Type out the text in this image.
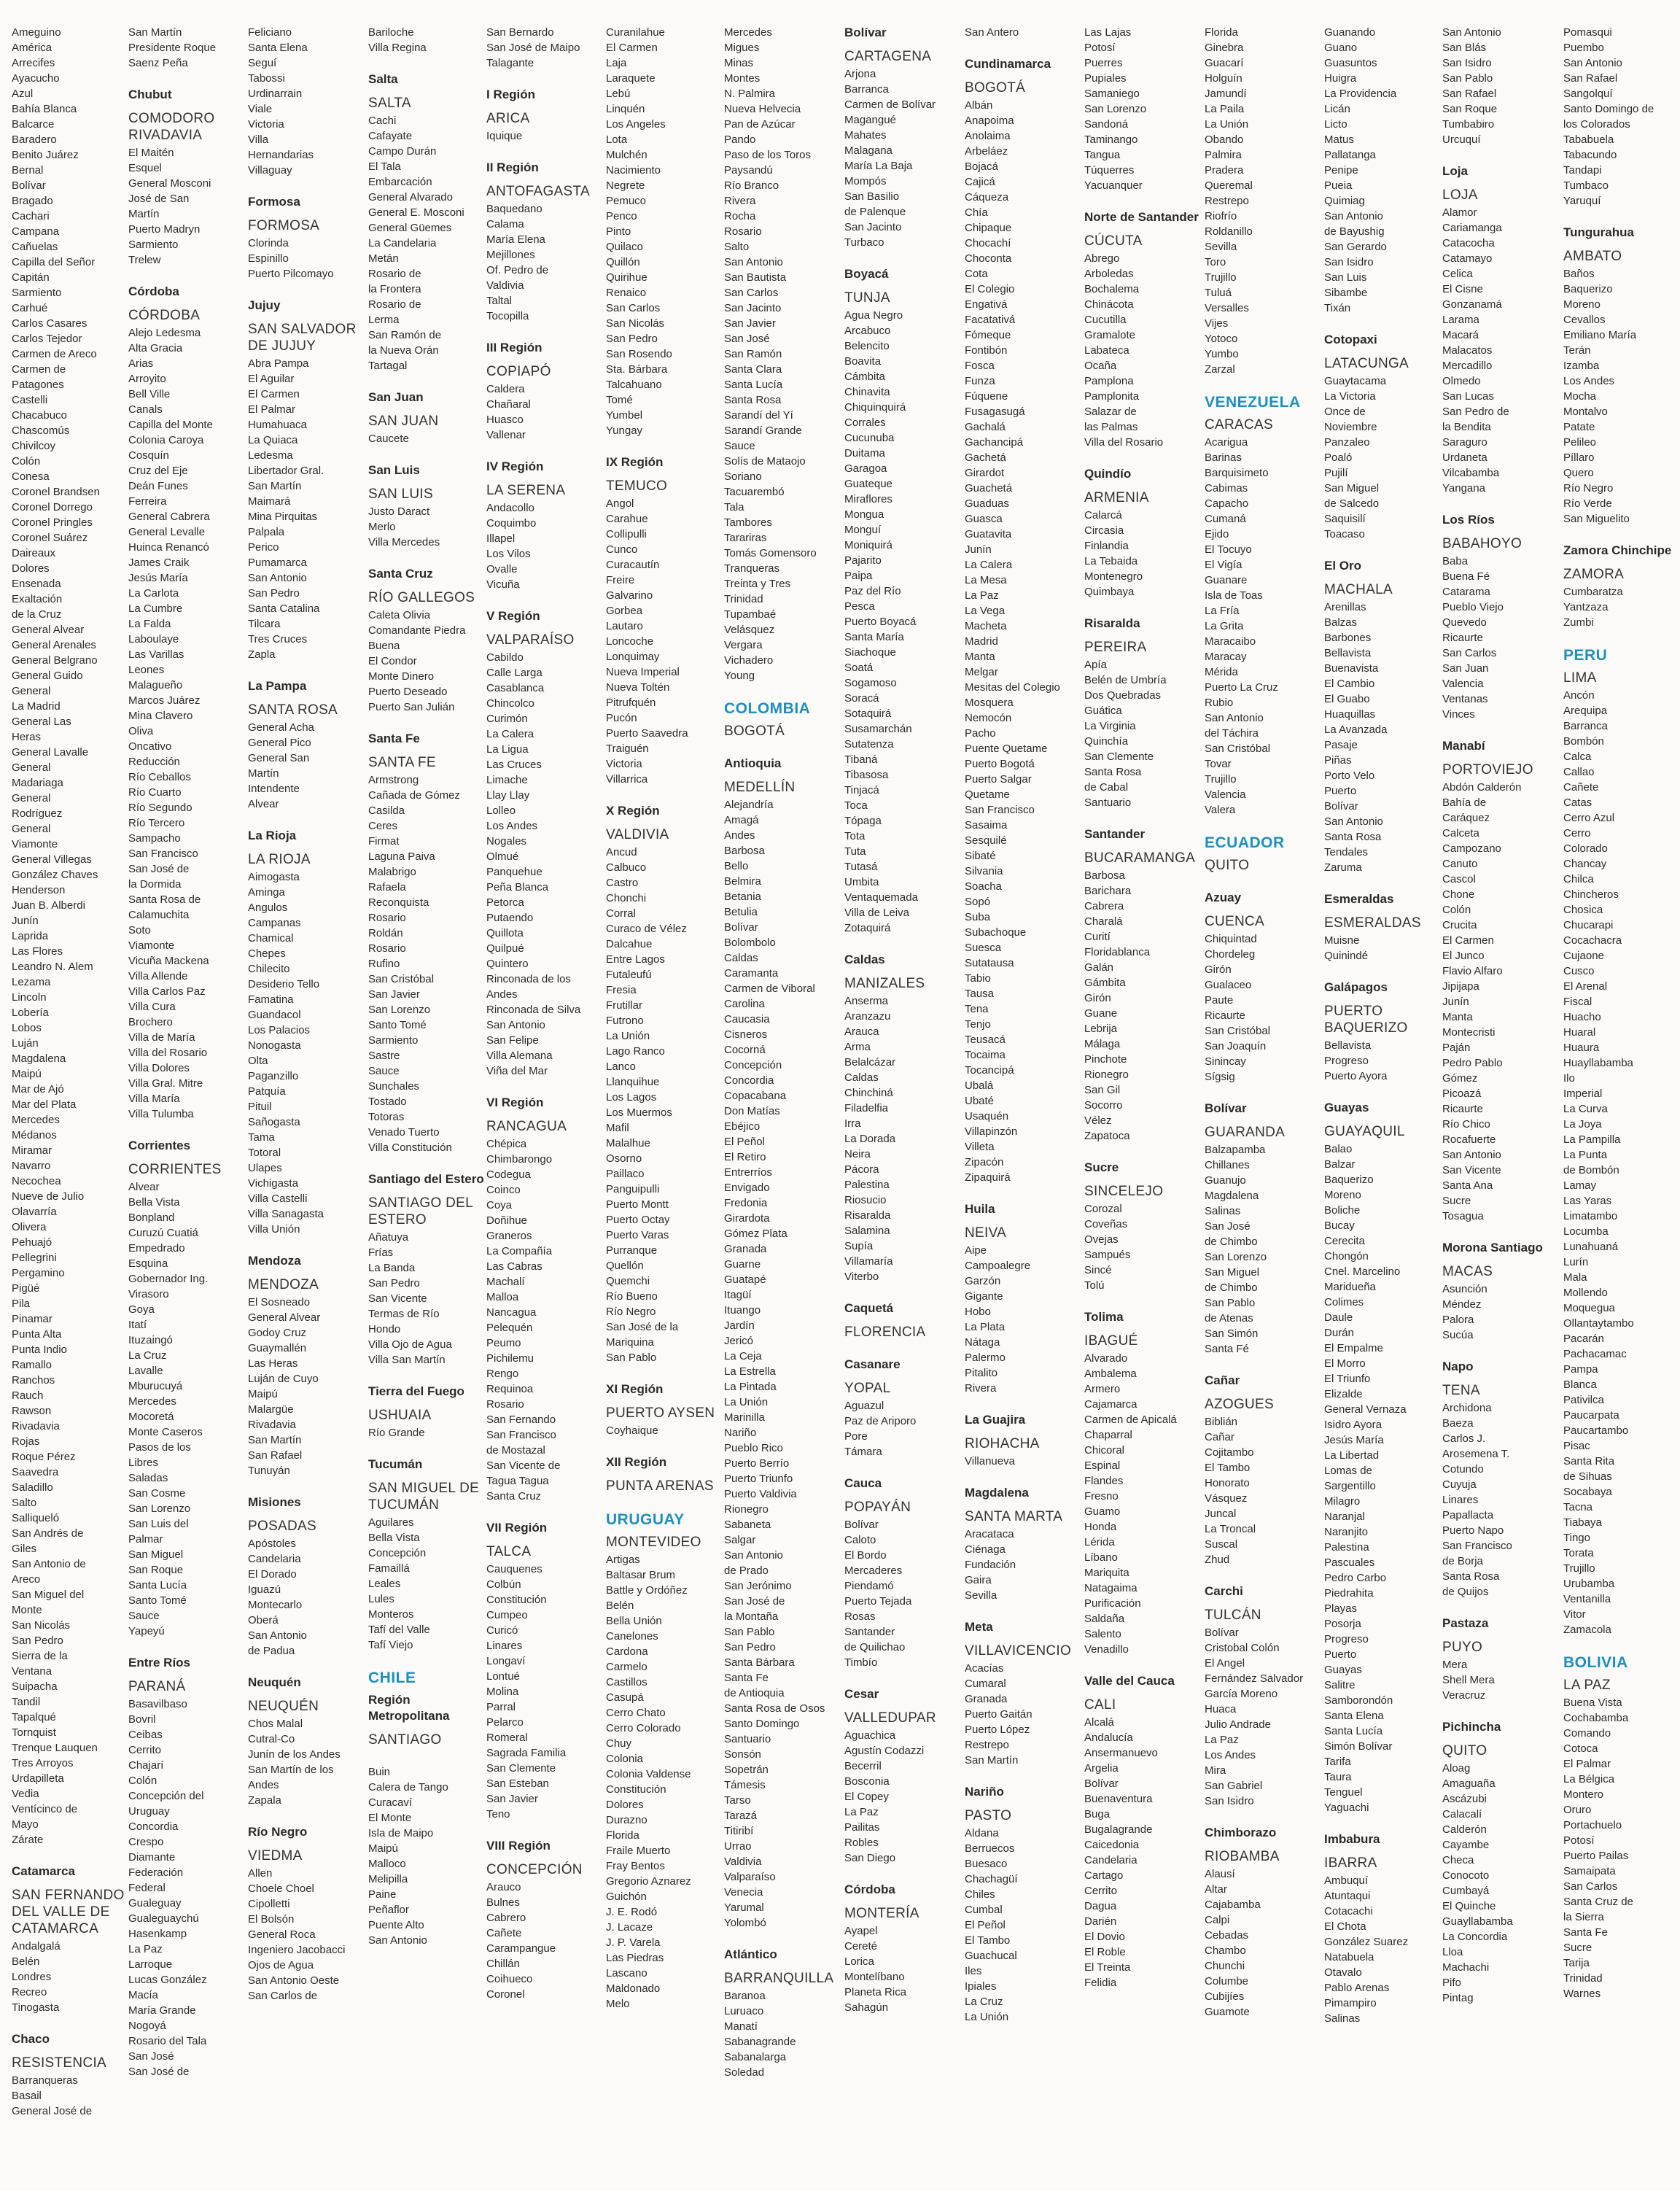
Ameguino
América
Arrecifes
Ayacucho
Azul
Bahía Blanca
Balcarce
Baradero
Benito Juárez
Bernal
Bolívar
Bragado
Cachari
Campana
Cañuelas
Capilla del Señor
Capitán
Sarmiento
Carhué
Carlos Casares
Carlos Tejedor
Carmen de Areco
Carmen de
Patagones
Castelli
Chacabuco
Chascomús
Chivilcoy
Colón
Conesa
Coronel Brandsen
Coronel Dorrego
Coronel Pringles
Coronel Suárez
Daireaux
Dolores
Ensenada
Exaltación
de la Cruz
General Alvear
General Arenales
General Belgrano
General Guido
General
La Madrid
General Las
Heras
General Lavalle
General
Madariaga
General
Rodríguez
General
Viamonte
General Villegas
González Chaves
Henderson
Juan B. Alberdi
Junín
Laprida
Las Flores
Leandro N. Alem
Lezama
Lincoln
Lobería
Lobos
Luján
Magdalena
Maipú
Mar de Ajó
Mar del Plata
Mercedes
Médanos
Miramar
Navarro
Necochea
Nueve de Julio
Olavarría
Olivera
Pehuajó
Pellegrini
Pergamino
Pigüé
Pila
Pinamar
Punta Alta
Punta Indio
Ramallo
Ranchos
Rauch
Rawson
Rivadavia
Rojas
Roque Pérez
Saavedra
Saladillo
Salto
Salliqueló
San Andrés de
Giles
San Antonio de
Areco
San Miguel del
Monte
San Nicolás
San Pedro
Sierra de la
Ventana
Suipacha
Tandil
Tapalqué
Tornquist
Trenque Lauquen
Tres Arroyos
Urdapilleta
Vedia
Ventícinco de
Mayo
Zárate
Catamarca
SAN FERNANDO DEL VALLE DE CATAMARCA
Andalgalá
Belén
Londres
Recreo
Tinogasta
Chaco
RESISTENCIA
Barranqueras
Basail
General José de
San Martín
Presidente Roque
Saenz Peña
Chubut
COMODORO RIVADAVIA
El Maitén
Esquel
General Mosconi
José de San
Martín
Puerto Madryn
Sarmiento
Trelew
Córdoba
CÓRDOBA
Alejo Ledesma
Alta Gracia
Arias
Arroyito
Bell Ville
Canals
Capilla del Monte
Colonia Caroya
Cosquín
Cruz del Eje
Deán Funes
Ferreira
General Cabrera
General Levalle
Huinca Renancó
James Craik
Jesús María
La Carlota
La Cumbre
La Falda
Laboulaye
Las Varillas
Leones
Malagueño
Marcos Juárez
Mina Clavero
Oliva
Oncativo
Reducción
Río Ceballos
Río Cuarto
Río Segundo
Río Tercero
Sampacho
San Francisco
San José de
la Dormida
Santa Rosa de
Calamuchita
Soto
Viamonte
Vicuña Mackena
Villa Allende
Villa Carlos Paz
Villa Cura
Brochero
Villa de María
Villa del Rosario
Villa Dolores
Villa Gral. Mitre
Villa María
Villa Tulumba
Corrientes
CORRIENTES
Alvear
Bella Vista
Bonpland
Curuzú Cuatiá
Empedrado
Esquina
Gobernador Ing.
Virasoro
Goya
Itatí
Ituzaingó
La Cruz
Lavalle
Mburucuyá
Mercedes
Mocoretá
Monte Caseros
Pasos de los
Libres
Saladas
San Cosme
San Lorenzo
San Luis del
Palmar
San Miguel
San Roque
Santa Lucía
Santo Tomé
Sauce
Yapeyú
Entre Ríos
PARANÁ
Basavilbaso
Bovril
Ceibas
Cerrito
Chajarí
Colón
Concepción del
Uruguay
Concordia
Crespo
Diamante
Federación
Federal
Gualeguay
Gualeguaychú
Hasenkamp
La Paz
Larroque
Lucas González
Macía
María Grande
Nogoyá
Rosario del Tala
San José
San José de
Feliciano
Santa Elena
Seguí
Tabossi
Urdinarrain
Viale
Victoria
Villa
Hernandarias
Villaguay
Formosa
FORMOSA
Clorinda
Espinillo
Puerto Pilcomayo
Jujuy
SAN SALVADOR DE JUJUY
Abra Pampa
El Aguilar
El Carmen
El Palmar
Humahuaca
La Quiaca
Ledesma
Libertador Gral.
San Martín
Maimará
Mina Pirquitas
Palpala
Perico
Pumamarca
San Antonio
San Pedro
Santa Catalina
Tilcara
Tres Cruces
Zapla
La Pampa
SANTA ROSA
General Acha
General Pico
General San
Martín
Intendente
Alvear
La Rioja
LA RIOJA
Aimogasta
Aminga
Angulos
Campanas
Chamical
Chepes
Chilecito
Desiderio Tello
Famatina
Guandacol
Los Palacios
Nonogasta
Olta
Paganzillo
Patquía
Pituil
Sañogasta
Tama
Totoral
Ulapes
Vichigasta
Villa Castelli
Villa Sanagasta
Villa Unión
Mendoza
MENDOZA
El Sosneado
General Alvear
Godoy Cruz
Guaymallén
Las Heras
Luján de Cuyo
Maipú
Malargüe
Rivadavia
San Martín
San Rafael
Tunuyán
Misiones
POSADAS
Apóstoles
Candelaria
El Dorado
Iguazú
Montecarlo
Oberá
San Antonio
de Padua
Neuquén
NEUQUÉN
Chos Malal
Cutral-Co
Junín de los Andes
San Martín de los
Andes
Zapala
Río Negro
VIEDMA
Allen
Choele Choel
Cipolletti
El Bolsón
General Roca
Ingeniero Jacobacci
Ojos de Agua
San Antonio Oeste
San Carlos de
Bariloche
Villa Regina
Salta
SALTA
Cachi
Cafayate
Campo Durán
El Tala
Embarcación
General Alvarado
General E. Mosconi
General Güemes
La Candelaria
Metán
Rosario de
la Frontera
Rosario de
Lerma
San Ramón de
la Nueva Orán
Tartagal
San Juan
SAN JUAN
Caucete
San Luis
SAN LUIS
Justo Daract
Merlo
Villa Mercedes
Santa Cruz
RÍO GALLEGOS
Caleta Olivia
Comandante Piedra
Buena
El Condor
Monte Dinero
Puerto Deseado
Puerto San Julián
Santa Fe
SANTA FE
Armstrong
Cañada de Gómez
Casilda
Ceres
Firmat
Laguna Paiva
Malabrigo
Rafaela
Reconquista
Rosario
Roldán
Rosario
Rufino
San Cristóbal
San Javier
San Lorenzo
Santo Tomé
Sarmiento
Sastre
Sauce
Sunchales
Tostado
Totoras
Venado Tuerto
Villa Constitución
Santiago del Estero
SANTIAGO DEL ESTERO
Añatuya
Frías
La Banda
San Pedro
San Vicente
Termas de Río
Hondo
Villa Ojo de Agua
Villa San Martín
Tierra del Fuego
USHUAIA
Río Grande
Tucumán
SAN MIGUEL DE TUCUMÁN
Aguilares
Bella Vista
Concepción
Famaillá
Leales
Lules
Monteros
Tafí del Valle
Tafí Viejo
CHILE
Región Metropolitana
SANTIAGO
Buin
Calera de Tango
Curacaví
El Monte
Isla de Maipo
Maipú
Malloco
Melipilla
Paine
Peñaflor
Puente Alto
San Antonio
San Bernardo
San José de Maipo
Talagante
I Región
ARICA
Iquique
II Región
ANTOFAGASTA
Baquedano
Calama
María Elena
Mejillones
Of. Pedro de
Valdivia
Taltal
Tocopilla
III Región
COPIAPÓ
Caldera
Chañaral
Huasco
Vallenar
IV Región
LA SERENA
Andacollo
Coquimbo
Illapel
Los Vilos
Ovalle
Vicuña
V Región
VALPARAÍSO
Cabildo
Calle Larga
Casablanca
Chincolco
Curimón
La Calera
La Ligua
Las Cruces
Limache
Llay Llay
Lolleo
Los Andes
Nogales
Olmué
Panquehue
Peña Blanca
Petorca
Putaendo
Quillota
Quilpué
Quintero
Rinconada de los
Andes
Rinconada de Silva
San Antonio
San Felipe
Villa Alemana
Viña del Mar
VI Región
RANCAGUA
Chépica
Chimbarongo
Codegua
Coinco
Coya
Doñihue
Graneros
La Compañía
Las Cabras
Machalí
Malloa
Nancagua
Pelequén
Peumo
Pichilemu
Rengo
Requinoa
Rosario
San Fernando
San Francisco
de Mostazal
San Vicente de
Tagua Tagua
Santa Cruz
VII Región
TALCA
Cauquenes
Colbún
Constitución
Cumpeo
Curicó
Linares
Longaví
Lontué
Molina
Parral
Pelarco
Romeral
Sagrada Familia
San Clemente
San Esteban
San Javier
Teno
VIII Región
CONCEPCIÓN
Arauco
Bulnes
Cabrero
Cañete
Carampangue
Chillán
Coihueco
Coronel
Curanilahue
El Carmen
Laja
Laraquete
Lebú
Linquén
Los Angeles
Lota
Mulchén
Nacimiento
Negrete
Pemuco
Penco
Pinto
Quilaco
Quillón
Quirihue
Renaico
San Carlos
San Nicolás
San Pedro
San Rosendo
Sta. Bárbara
Talcahuano
Tomé
Yumbel
Yungay
IX Región
TEMUCO
Angol
Carahue
Collipulli
Cunco
Curacautín
Freire
Galvarino
Gorbea
Lautaro
Loncoche
Lonquimay
Nueva Imperial
Nueva Toltén
Pitrufquén
Pucón
Puerto Saavedra
Traiguén
Victoria
Villarrica
X Región
VALDIVIA
Ancud
Calbuco
Castro
Chonchi
Corral
Curaco de Vélez
Dalcahue
Entre Lagos
Futaleufú
Fresia
Frutillar
Futrono
La Unión
Lago Ranco
Lanco
Llanquihue
Los Lagos
Los Muermos
Mafil
Malalhue
Osorno
Paillaco
Panguipulli
Puerto Montt
Puerto Octay
Puerto Varas
Purranque
Quellón
Quemchi
Río Bueno
Río Negro
San José de la
Mariquina
San Pablo
XI Región
PUERTO AYSEN
Coyhaique
XII Región
PUNTA ARENAS
URUGUAY
MONTEVIDEO
Artigas
Baltasar Brum
Battle y Ordóñez
Belén
Bella Unión
Canelones
Cardona
Carmelo
Castillos
Casupá
Cerro Chato
Cerro Colorado
Chuy
Colonia
Colonia Valdense
Constitución
Dolores
Durazno
Florida
Fraile Muerto
Fray Bentos
Gregorio Aznarez
Guichón
J. E. Rodó
J. Lacaze
J. P. Varela
Las Piedras
Lascano
Maldonado
Melo
Mercedes
Migues
Minas
Montes
N. Palmira
Nueva Helvecia
Pan de Azúcar
Pando
Paso de los Toros
Paysandú
Río Branco
Rivera
Rocha
Rosario
Salto
San Antonio
San Bautista
San Carlos
San Jacinto
San Javier
San José
San Ramón
Santa Clara
Santa Lucía
Santa Rosa
Sarandí del Yí
Sarandí Grande
Sauce
Solís de Mataojo
Soriano
Tacuarembó
Tala
Tambores
Tarariras
Tomás Gomensoro
Tranqueras
Treinta y Tres
Trinidad
Tupambaé
Velásquez
Vergara
Vichadero
Young
COLOMBIA
BOGOTÁ
Antioquia
MEDELLÍN
Alejandría
Amagá
Andes
Barbosa
Bello
Belmira
Betania
Betulia
Bolívar
Bolombolo
Caldas
Caramanta
Carmen de Viboral
Carolina
Caucasia
Cisneros
Cocorná
Concepción
Concordia
Copacabana
Don Matías
Ebéjico
El Peñol
El Retiro
Entrerríos
Envigado
Fredonia
Girardota
Gómez Plata
Granada
Guarne
Guatapé
Itagüí
Ituango
Jardín
Jericó
La Ceja
La Estrella
La Pintada
La Unión
Marinilla
Nariño
Pueblo Rico
Puerto Berrío
Puerto Triunfo
Puerto Valdivia
Rionegro
Sabaneta
Salgar
San Antonio
de Prado
San Jerónimo
San José de
la Montaña
San Pablo
San Pedro
Santa Bárbara
Santa Fe
de Antioquia
Santa Rosa de Osos
Santo Domingo
Santuario
Sonsón
Sopetrán
Támesis
Tarso
Tarazá
Titiribí
Urrao
Valdivia
Valparaíso
Venecia
Yarumal
Yolombó
Atlántico
BARRANQUILLA
Baranoa
Luruaco
Manatí
Sabanagrande
Sabanalarga
Soledad
Bolívar
CARTAGENA
Arjona
Barranca
Carmen de Bolívar
Magangué
Mahates
Malagana
María La Baja
Mompós
San Basilio
de Palenque
San Jacinto
Turbaco
Boyacá
TUNJA
Agua Negro
Arcabuco
Belencito
Boavita
Cámbita
Chinavita
Chiquinquirá
Corrales
Cucunuba
Duitama
Garagoa
Guateque
Miraflores
Mongua
Monguí
Moniquirá
Pajarito
Paipa
Paz del Río
Pesca
Puerto Boyacá
Santa María
Siachoque
Soatá
Sogamoso
Soracá
Sotaquirá
Susamarchán
Sutatenza
Tibaná
Tibasosa
Tinjacá
Toca
Tópaga
Tota
Tuta
Tutasá
Umbita
Ventaquemada
Villa de Leiva
Zotaquirá
Caldas
MANIZALES
Anserma
Aranzazu
Arauca
Arma
Belalcázar
Caldas
Chinchiná
Filadelfia
Irra
La Dorada
Neira
Pácora
Palestina
Riosucio
Risaralda
Salamina
Supía
Villamaría
Viterbo
Caquetá
FLORENCIA
Casanare
YOPAL
Aguazul
Paz de Ariporo
Pore
Támara
Cauca
POPAYÁN
Bolívar
Caloto
El Bordo
Mercaderes
Piendamó
Puerto Tejada
Rosas
Santander
de Quilichao
Timbío
Cesar
VALLEDUPAR
Aguachica
Agustín Codazzi
Becerril
Bosconia
El Copey
La Paz
Pailitas
Robles
San Diego
Córdoba
MONTERÍA
Ayapel
Cereté
Lorica
Montelíbano
Planeta Rica
Sahagún
San Antero
Cundinamarca
BOGOTÁ
Albán
Anapoima
Anolaima
Arbeláez
Bojacá
Cajicá
Cáqueza
Chía
Chipaque
Chocachí
Choconta
Cota
El Colegio
Engativá
Facatativá
Fómeque
Fontibón
Fosca
Funza
Fúquene
Fusagasugá
Gachalá
Gachancipá
Gachetá
Girardot
Guachetá
Guaduas
Guasca
Guatavita
Junín
La Calera
La Mesa
La Paz
La Vega
Macheta
Madrid
Manta
Melgar
Mesitas del Colegio
Mosquera
Nemocón
Pacho
Puente Quetame
Puerto Bogotá
Puerto Salgar
Quetame
San Francisco
Sasaima
Sesquilé
Sibaté
Silvania
Soacha
Sopó
Suba
Subachoque
Suesca
Sutatausa
Tabio
Tausa
Tena
Tenjo
Teusacá
Tocaima
Tocancipá
Ubalá
Ubaté
Usaquén
Villapinzón
Villeta
Zipacón
Zipaquirá
Huila
NEIVA
Aipe
Campoalegre
Garzón
Gigante
Hobo
La Plata
Nátaga
Palermo
Pitalito
Rivera
La Guajira
RIOHACHA
Villanueva
Magdalena
SANTA MARTA
Aracataca
Ciénaga
Fundación
Gaira
Sevilla
Meta
VILLAVICENCIO
Acacías
Cumaral
Granada
Puerto Gaitán
Puerto López
Restrepo
San Martín
Nariño
PASTO
Aldana
Berruecos
Buesaco
Chachagüí
Chiles
Cumbal
El Peñol
El Tambo
Guachucal
Iles
Ipiales
La Cruz
La Unión
Las Lajas
Potosí
Puerres
Pupiales
Samaniego
San Lorenzo
Sandoná
Taminango
Tangua
Túquerres
Yacuanquer
Norte de Santander
CÚCUTA
Abrego
Arboledas
Bochalema
Chinácota
Cucutilla
Gramalote
Labateca
Ocaña
Pamplona
Pamplonita
Salazar de
las Palmas
Villa del Rosario
Quindío
ARMENIA
Calarcá
Circasia
Finlandia
La Tebaida
Montenegro
Quimbaya
Risaralda
PEREIRA
Apía
Belén de Umbría
Dos Quebradas
Guática
La Virginia
Quinchía
San Clemente
Santa Rosa
de Cabal
Santuario
Santander
BUCARAMANGA
Barbosa
Barichara
Cabrera
Charalá
Curití
Floridablanca
Galán
Gámbita
Girón
Guane
Lebrija
Málaga
Pinchote
Rionegro
San Gil
Socorro
Vélez
Zapatoca
Sucre
SINCELEJO
Corozal
Coveñas
Ovejas
Sampués
Sincé
Tolú
Tolima
IBAGUÉ
Alvarado
Ambalema
Armero
Cajamarca
Carmen de Apicalá
Chaparral
Chicoral
Espinal
Flandes
Fresno
Guamo
Honda
Lérida
Líbano
Mariquita
Natagaima
Purificación
Saldaña
Salento
Venadillo
Valle del Cauca
CALI
Alcalá
Andalucía
Ansermanuevo
Argelia
Bolívar
Buenaventura
Buga
Bugalagrande
Caicedonia
Candelaria
Cartago
Cerrito
Dagua
Darién
El Dovio
El Roble
El Treinta
Felidia
Florida
Ginebra
Guacarí
Holguín
Jamundí
La Paila
La Unión
Obando
Palmira
Pradera
Queremal
Restrepo
Riofrío
Roldanillo
Sevilla
Toro
Trujillo
Tuluá
Versalles
Vijes
Yotoco
Yumbo
Zarzal
VENEZUELA
CARACAS
Acarigua
Barinas
Barquisimeto
Cabimas
Capacho
Cumaná
Ejido
El Tocuyo
El Vigía
Guanare
Isla de Toas
La Fría
La Grita
Maracaibo
Maracay
Mérida
Puerto La Cruz
Rubio
San Antonio
del Táchira
San Cristóbal
Tovar
Trujillo
Valencia
Valera
ECUADOR
QUITO
Azuay
CUENCA
Chiquintad
Chordeleg
Girón
Gualaceo
Paute
Ricaurte
San Cristóbal
San Joaquín
Sinincay
Sígsig
Bolívar
GUARANDA
Balzapamba
Chillanes
Guanujo
Magdalena
Salinas
San José
de Chimbo
San Lorenzo
San Miguel
de Chimbo
San Pablo
de Atenas
San Simón
Santa Fé
Cañar
AZOGUES
Biblián
Cañar
Cojitambo
El Tambo
Honorato
Vásquez
Juncal
La Troncal
Suscal
Zhud
Carchi
TULCÁN
Bolívar
Cristobal Colón
El Angel
Fernández Salvador
García Moreno
Huaca
Julio Andrade
La Paz
Los Andes
Mira
San Gabriel
San Isidro
Chimborazo
RIOBAMBA
Alausí
Altar
Cajabamba
Calpi
Cebadas
Chambo
Chunchi
Columbe
Cubijíes
Guamote
Guanando
Guano
Guasuntos
Huigra
La Providencia
Licán
Licto
Matus
Pallatanga
Penipe
Pueia
Quimiag
San Antonio
de Bayushig
San Gerardo
San Isidro
San Luis
Sibambe
Tixán
Cotopaxi
LATACUNGA
Guaytacama
La Victoria
Once de
Noviembre
Panzaleo
Poaló
Pujilí
San Miguel
de Salcedo
Saquisilí
Toacaso
El Oro
MACHALA
Arenillas
Balzas
Barbones
Bellavista
Buenavista
El Cambio
El Guabo
Huaquillas
La Avanzada
Pasaje
Piñas
Porto Velo
Puerto
Bolívar
San Antonio
Santa Rosa
Tendales
Zaruma
Esmeraldas
ESMERALDAS
Muisne
Quinindé
Galápagos
PUERTO BAQUERIZO
Bellavista
Progreso
Puerto Ayora
Guayas
GUAYAQUIL
Balao
Balzar
Baquerizo
Moreno
Boliche
Bucay
Cerecita
Chongón
Cnel. Marcelino
Maridueña
Colimes
Daule
Durán
El Empalme
El Morro
El Triunfo
Elizalde
General Vernaza
Isidro Ayora
Jesús María
La Libertad
Lomas de
Sargentillo
Milagro
Naranjal
Naranjito
Palestina
Pascuales
Pedro Carbo
Piedrahita
Playas
Posorja
Progreso
Puerto
Guayas
Salitre
Samborondón
Santa Elena
Santa Lucía
Simón Bolívar
Tarifa
Taura
Tenguel
Yaguachi
Imbabura
IBARRA
Ambuquí
Atuntaqui
Cotacachi
El Chota
González Suarez
Natabuela
Otavalo
Pablo Arenas
Pimampiro
Salinas
San Antonio
San Blás
San Isidro
San Pablo
San Rafael
San Roque
Tumbabiro
Urcuquí
Loja
LOJA
Alamor
Cariamanga
Catacocha
Catamayo
Celica
El Cisne
Gonzanamá
Larama
Macará
Malacatos
Mercadillo
Olmedo
San Lucas
San Pedro de
la Bendita
Saraguro
Urdaneta
Vilcabamba
Yangana
Los Ríos
BABAHOYO
Baba
Buena Fé
Catarama
Pueblo Viejo
Quevedo
Ricaurte
San Carlos
San Juan
Valencia
Ventanas
Vinces
Manabí
PORTOVIEJO
Abdón Calderón
Bahía de
Caráquez
Calceta
Campozano
Canuto
Cascol
Chone
Colón
Crucita
El Carmen
El Junco
Flavio Alfaro
Jipijapa
Junín
Manta
Montecristi
Paján
Pedro Pablo
Gómez
Picoazá
Ricaurte
Río Chico
Rocafuerte
San Antonio
San Vicente
Santa Ana
Sucre
Tosagua
Morona Santiago
MACAS
Asunción
Méndez
Palora
Sucúa
Napo
TENA
Archidona
Baeza
Carlos J.
Arosemena T.
Cotundo
Cuyuja
Linares
Papallacta
Puerto Napo
San Francisco
de Borja
Santa Rosa
de Quijos
Pastaza
PUYO
Mera
Shell Mera
Veracruz
Pichincha
QUITO
Aloag
Amaguaña
Ascázubi
Calacalí
Calderón
Cayambe
Checa
Conocoto
Cumbayá
El Quinche
Guayllabamba
La Concordia
Lloa
Machachi
Pifo
Pintag
Pomasqui
Puembo
San Antonio
San Rafael
Sangolquí
Santo Domingo de
los Colorados
Tababuela
Tabacundo
Tandapi
Tumbaco
Yaruquí
Tungurahua
AMBATO
Baños
Baquerizo
Moreno
Cevallos
Emiliano María
Terán
Izamba
Los Andes
Mocha
Montalvo
Patate
Pelileo
Píllaro
Quero
Río Negro
Río Verde
San Miguelito
Zamora Chinchipe
ZAMORA
Cumbaratza
Yantzaza
Zumbi
PERU
LIMA
Ancón
Arequipa
Barranca
Bombón
Calca
Callao
Cañete
Catas
Cerro Azul
Cerro
Colorado
Chancay
Chilca
Chincheros
Chosica
Chucarapi
Cocachacra
Cujaone
Cusco
El Arenal
Fiscal
Huacho
Huaral
Huaura
Huayllabamba
Ilo
Imperial
La Curva
La Joya
La Pampilla
La Punta
de Bombón
Lamay
Las Yaras
Limatambo
Locumba
Lunahuaná
Lurín
Mala
Mollendo
Moquegua
Ollantaytambo
Pacarán
Pachacamac
Pampa
Blanca
Pativilca
Paucarpata
Paucartambo
Pisac
Santa Rita
de Sihuas
Socabaya
Tacna
Tiabaya
Tingo
Torata
Trujillo
Urubamba
Ventanilla
Vitor
Zamacola
BOLIVIA
LA PAZ
Buena Vista
Cochabamba
Comando
Cotoca
El Palmar
La Bélgica
Montero
Oruro
Portachuelo
Potosí
Puerto Pailas
Samaipata
San Carlos
Santa Cruz de
la Sierra
Santa Fe
Sucre
Tarija
Trinidad
Warnes
